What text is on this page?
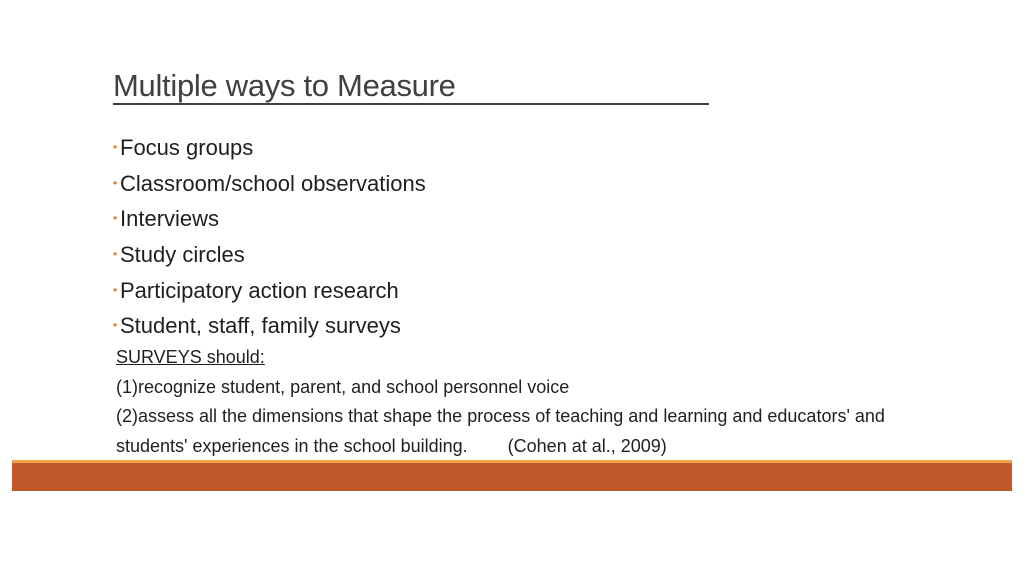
Multiple ways to Measure
• Focus groups
• Classroom/school observations
• Interviews
• Study circles
• Participatory action research
• Student, staff, family surveys
SURVEYS should:
(1)recognize student, parent, and school personnel voice
(2)assess all the dimensions that shape the process of teaching and learning and educators' and
students' experiences in the school building. (Cohen at al., 2009)
